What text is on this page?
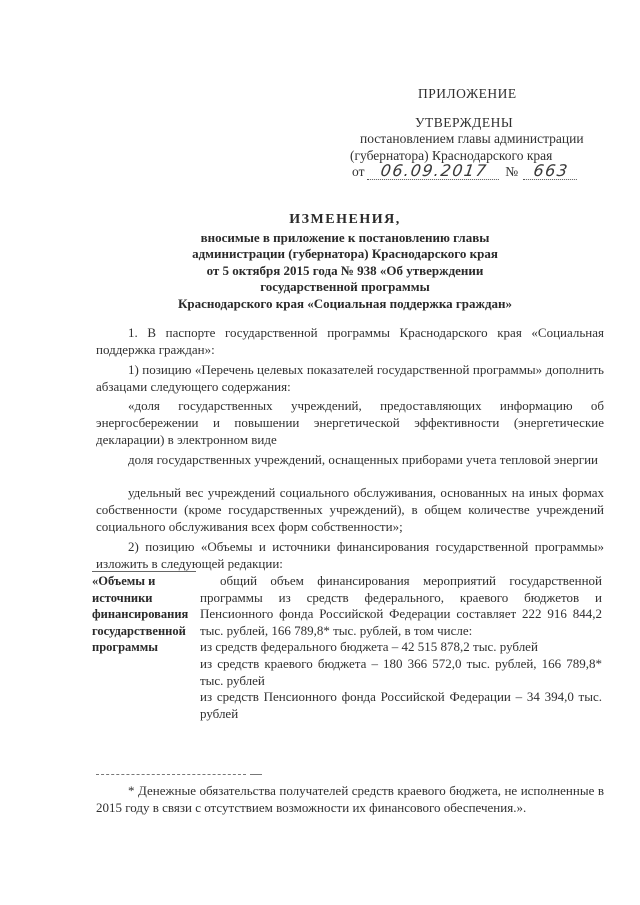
ПРИЛОЖЕНИЕ
УТВЕРЖДЕНЫ
постановлением главы администрации
(губернатора) Краснодарского края
от 06.09.2017 № 663
ИЗМЕНЕНИЯ,
вносимые в приложение к постановлению главы
администрации (губернатора) Краснодарского края
от 5 октября 2015 года № 938 «Об утверждении
государственной программы
Краснодарского края «Социальная поддержка граждан»
1. В паспорте государственной программы Краснодарского края «Социальная поддержка граждан»:
1) позицию «Перечень целевых показателей государственной программы» дополнить абзацами следующего содержания:
«доля государственных учреждений, предоставляющих информацию об энергосбережении и повышении энергетической эффективности (энергетические декларации) в электронном виде
доля государственных учреждений, оснащенных приборами учета тепловой энергии
удельный вес учреждений социального обслуживания, основанных на иных формах собственности (кроме государственных учреждений), в общем количестве учреждений социального обслуживания всех форм собственности»;
2) позицию «Объемы и источники финансирования государственной программы» изложить в следующей редакции:
«Объемы и источники финансирования государственной программы

общий объем финансирования мероприятий государственной программы из средств федерального, краевого бюджетов и Пенсионного фонда Российской Федерации составляет 222 916 844,2 тыс. рублей, 166 789,8* тыс. рублей, в том числе:

из средств федерального бюджета – 42 515 878,2 тыс. рублей

из средств краевого бюджета – 180 366 572,0 тыс. рублей, 166 789,8* тыс. рублей

из средств Пенсионного фонда Российской Федерации – 34 394,0 тыс. рублей

* Денежные обязательства получателей средств краевого бюджета, не исполненные в 2015 году в связи с отсутствием возможности их финансового обеспечения.».
